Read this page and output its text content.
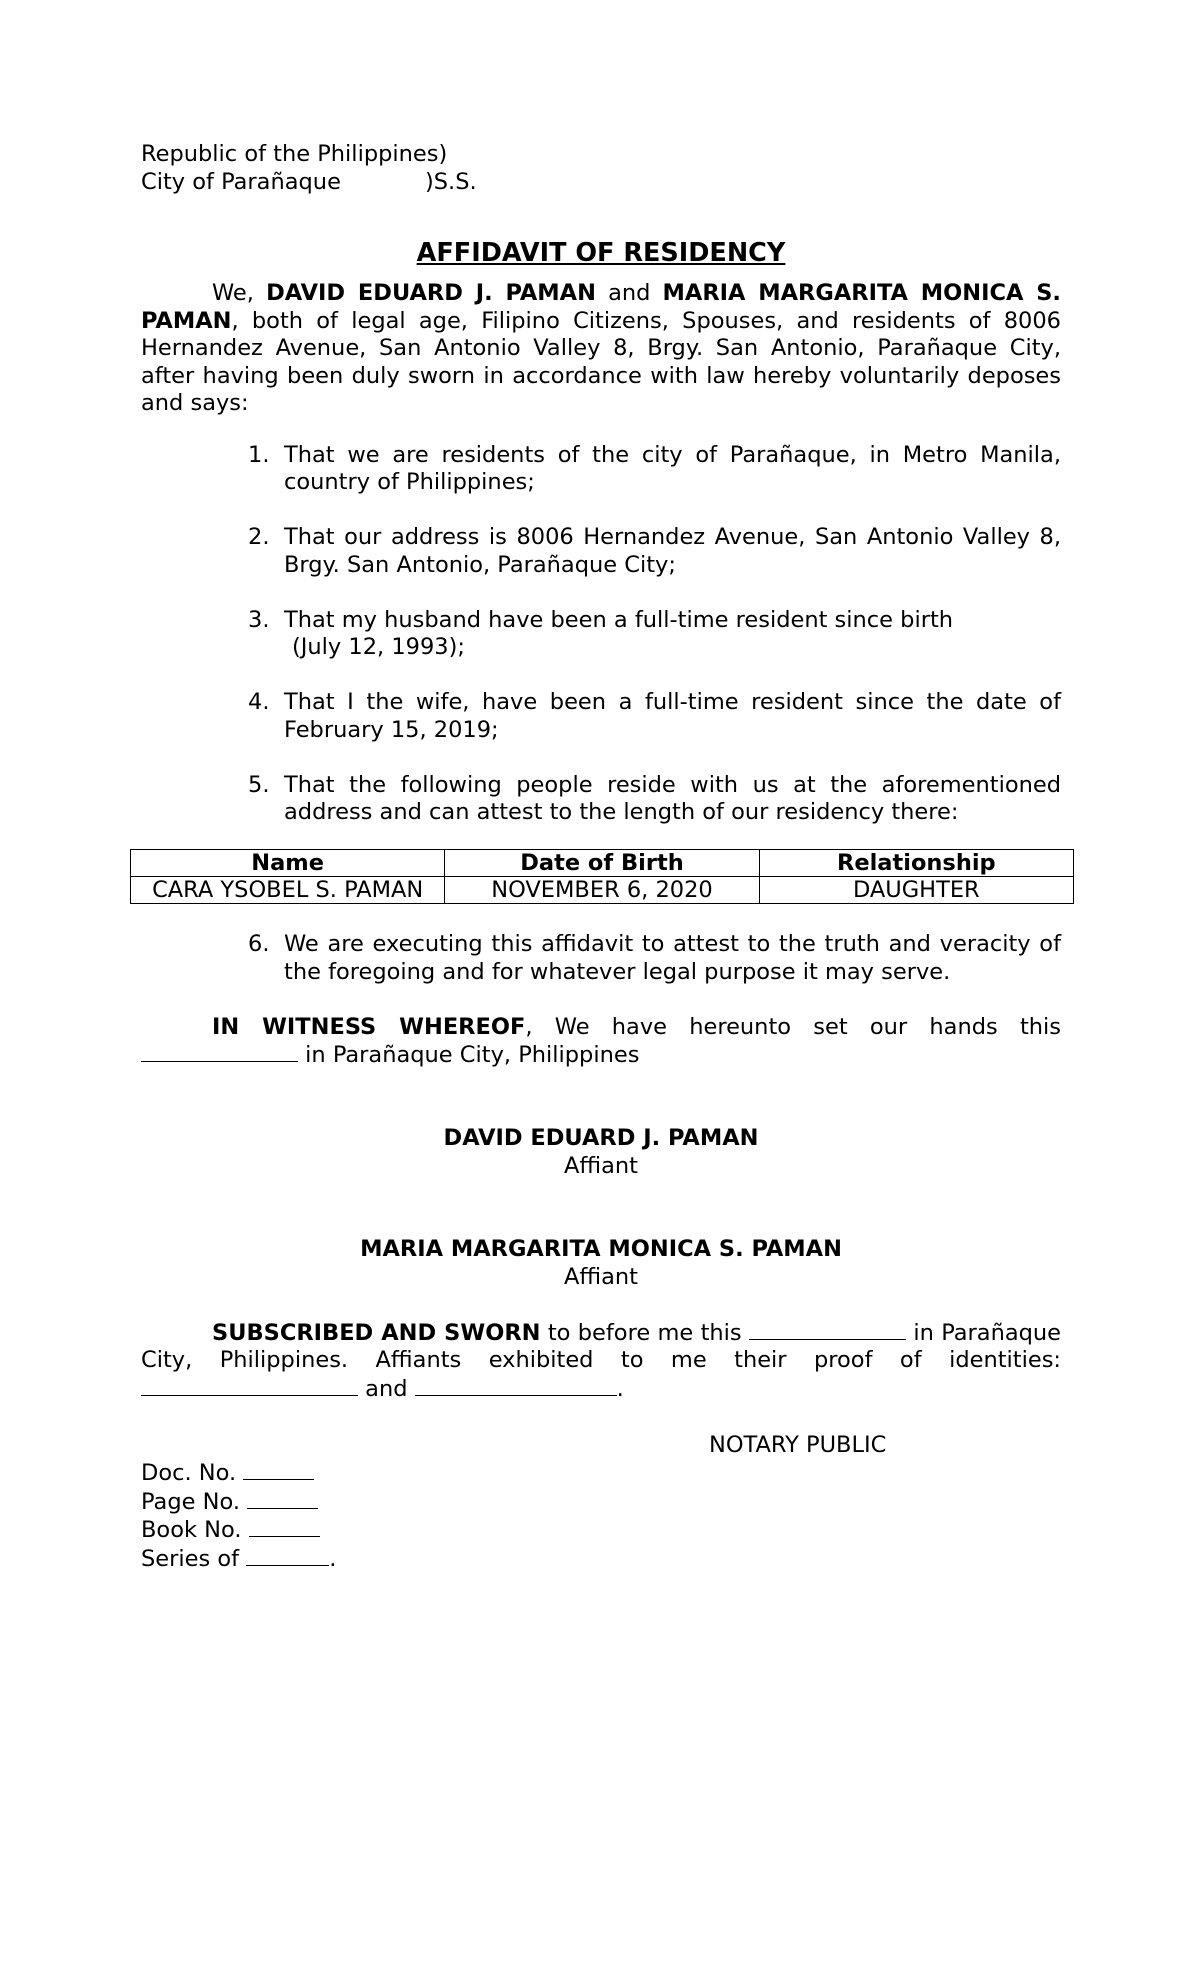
Republic of the Philippines)

City of Parañaque	)S.S.
AFFIDAVIT OF RESIDENCY

We, DAVID EDUARD J. PAMAN and MARIA MARGARITA MONICA S. PAMAN, both of legal age, Filipino Citizens, Spouses, and residents of 8006 Hernandez Avenue, San Antonio Valley 8, Brgy. San Antonio, Parañaque City, after having been duly sworn in accordance with law hereby voluntarily deposes and says:

1. That we are residents of the city of Parañaque, in Metro Manila, country of Philippines;
2. That our address is 8006 Hernandez Avenue, San Antonio Valley 8, Brgy. San Antonio, Parañaque City;
3. That my husband have been a full-time resident since birth
(July 12, 1993);
4. That I the wife, have been a full-time resident since the date of February 15, 2019;
5. That the following people reside with us at the aforementioned address and can attest to the length of our residency there:
Name	Date of Birth	Relationship
CARA YSOBEL S. PAMAN	NOVEMBER 6, 2020	DAUGHTER
6. We are executing this affidavit to attest to the truth and veracity of the foregoing and for whatever legal purpose it may serve.

IN WITNESS WHEREOF, We have hereunto set our hands this  in Parañaque City, Philippines

DAVID EDUARD J. PAMAN

Affiant

MARIA MARGARITA MONICA S. PAMAN

Affiant

SUBSCRIBED AND SWORN to before me this	in Parañaque City, Philippines. Affiants exhibited to me their proof of identities:  and	.

NOTARY PUBLIC

Doc. No.

Page No.

Book No.

Series of	.
